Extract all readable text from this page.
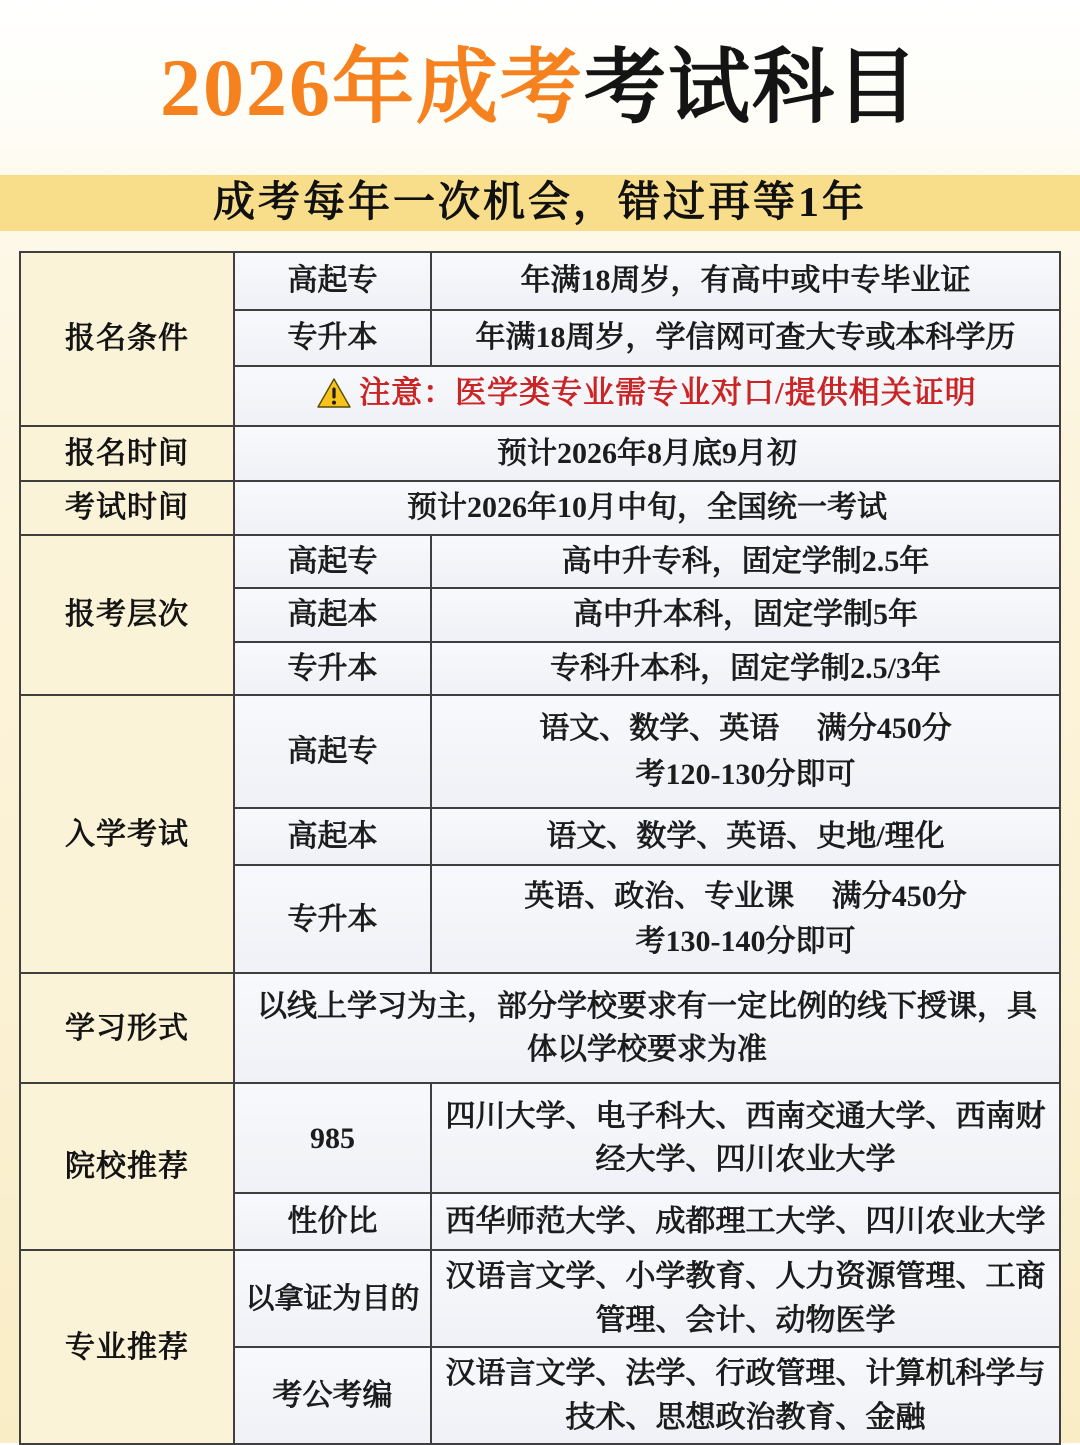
2026年成考考试科目
成考每年一次机会，错过再等1年
报名条件	高起专	年满18周岁，有高中或中专毕业证
	专升本	年满18周岁，学信网可查大专或本科学历

	注意：医学类专业需专业对口/提供相关证明	

报名时间	预计2026年8月底9月初	
考试时间	预计2026年10月中旬，全国统一考试	
报考层次	高起专	高中升专科，固定学制2.5年
	高起本	高中升本科，固定学制5年
	专升本	专科升本科，固定学制2.5/3年
入学考试	高起专	语文、数学、英语　 满分450分
考120-130分即可

	高起本	语文、数学、英语、史地/理化
	专升本	英语、政治、专业课　 满分450分
考130-140分即可

学习形式	以线上学习为主，部分学校要求有一定比例的线下授课，具体以学校要求为准	
院校推荐	985	四川大学、电子科大、西南交通大学、西南财经大学、四川农业大学
	性价比	西华师范大学、成都理工大学、四川农业大学
专业推荐	以拿证为目的	汉语言文学、小学教育、人力资源管理、工商管理、会计、动物医学
	考公考编	汉语言文学、法学、行政管理、计算机科学与技术、思想政治教育、金融
